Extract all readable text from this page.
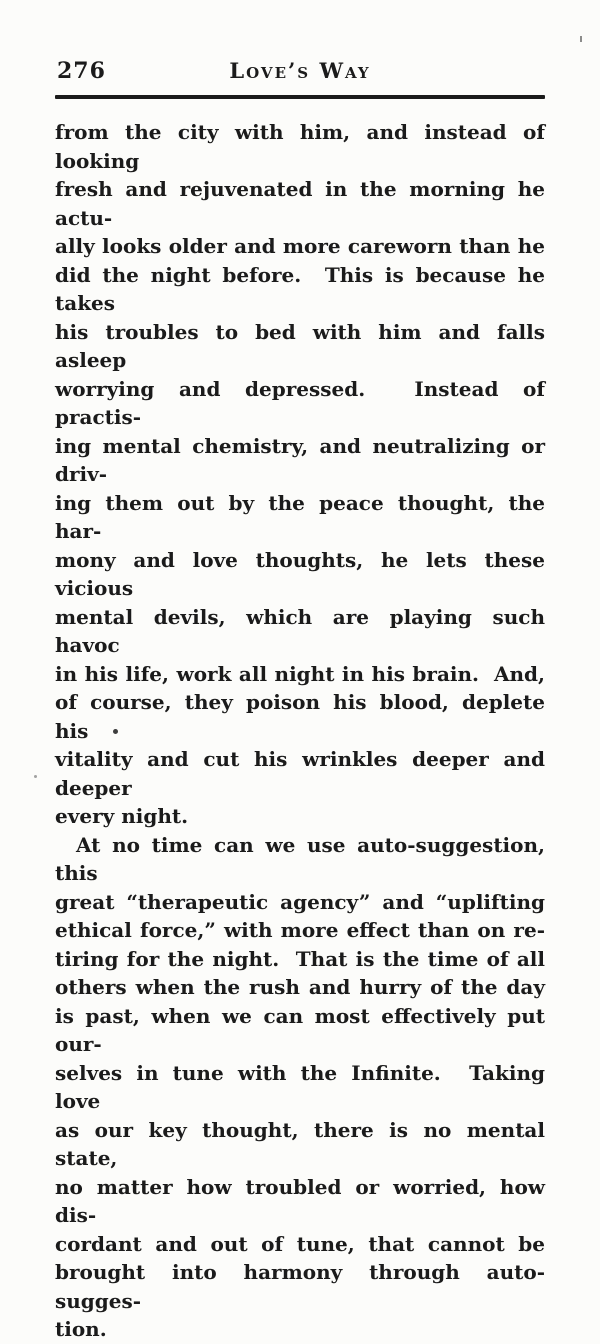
276	Love’s Way
from the city with him, and instead of looking
fresh and rejuvenated in the morning he actu-
ally looks older and more careworn than he
did the night before.  This is because he takes
his troubles to bed with him and falls asleep
worrying and depressed.  Instead of practis-
ing mental chemistry, and neutralizing or driv-
ing them out by the peace thought, the har-
mony and love thoughts, he lets these vicious
mental devils, which are playing such havoc
in his life, work all night in his brain.  And,
of course, they poison his blood, deplete his
vitality and cut his wrinkles deeper and deeper
every night.
At no time can we use auto-suggestion, this
great “therapeutic agency” and “uplifting
ethical force,” with more effect than on re-
tiring for the night.  That is the time of all
others when the rush and hurry of the day
is past, when we can most effectively put our-
selves in tune with the Infinite.  Taking love
as our key thought, there is no mental state,
no matter how troubled or worried, how dis-
cordant and out of tune, that cannot be
brought into harmony through auto-sugges-
tion.
